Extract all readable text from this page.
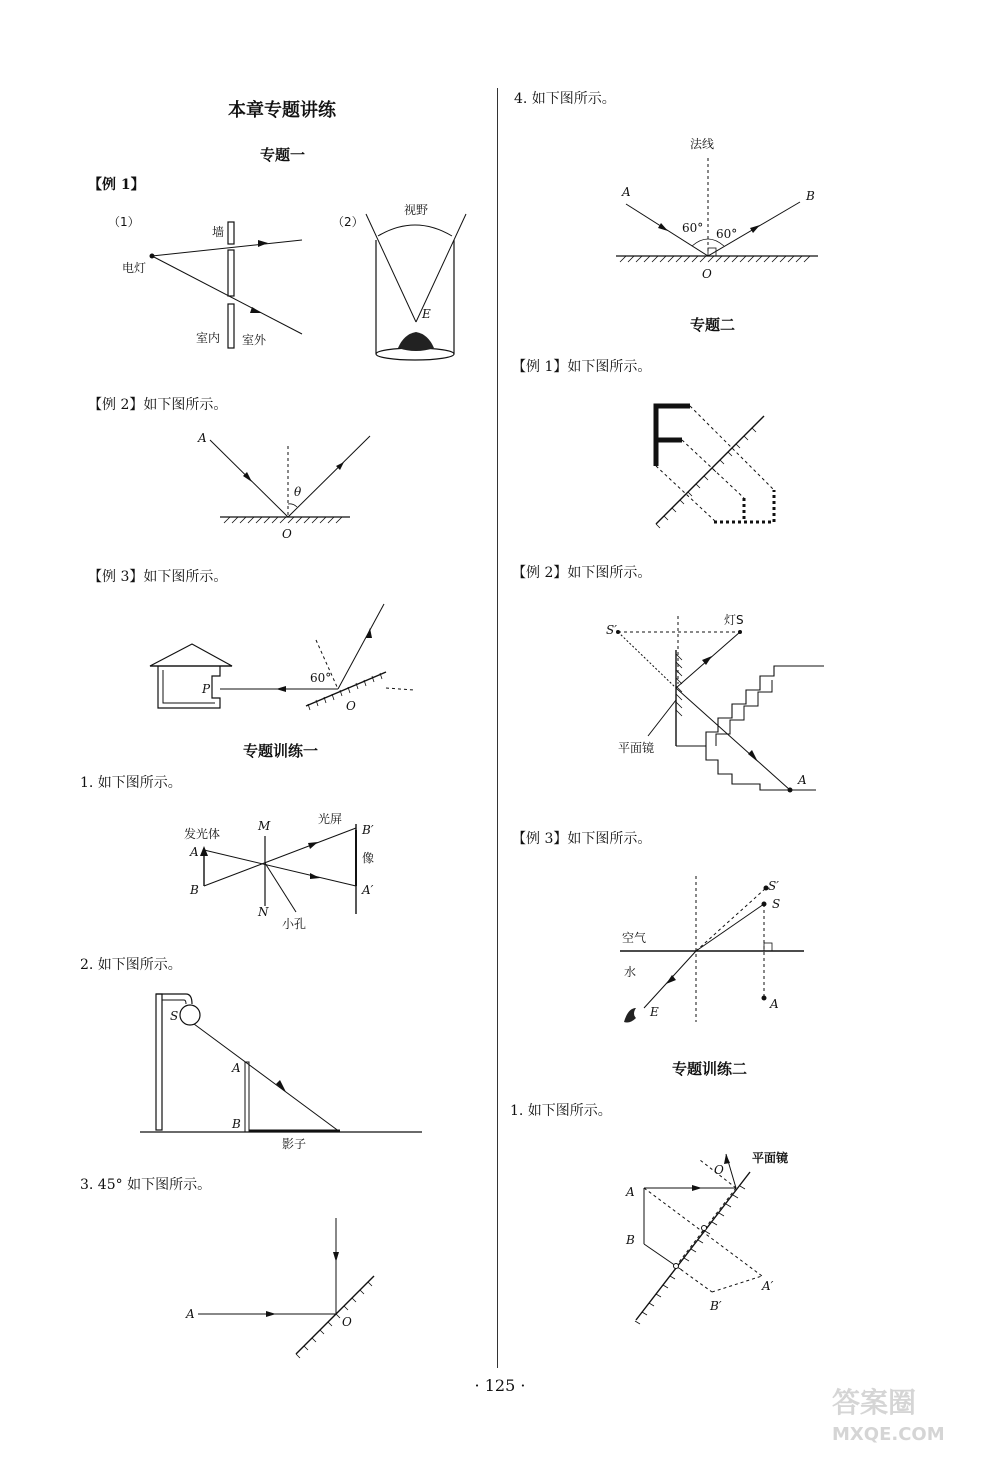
本章专题讲练
专题一
【例 1】
（1）
墙
电灯
室内 室外
（2）
视野
E
A
O
θ
P
60°
O
【例 2】如下图所示。
【例 3】如下图所示。
专题训练一
1. 如下图所示。
2. 如下图所示。
3. 45° 如下图所示。
发光体
光屏
M
N
A
B
B′
A′
像
小孔
S
A
B
影子
A
O
4. 如下图所示。
专题二
【例 1】如下图所示。
【例 2】如下图所示。
【例 3】如下图所示。
专题训练二
1. 如下图所示。
法线
A	B
60° 60°
O
S′
灯S
平面镜
A
S′
S
空气
水
E
A
O
平面镜
A
B
A′
B′
· 125 ·
答案圈
MXQE.COM
